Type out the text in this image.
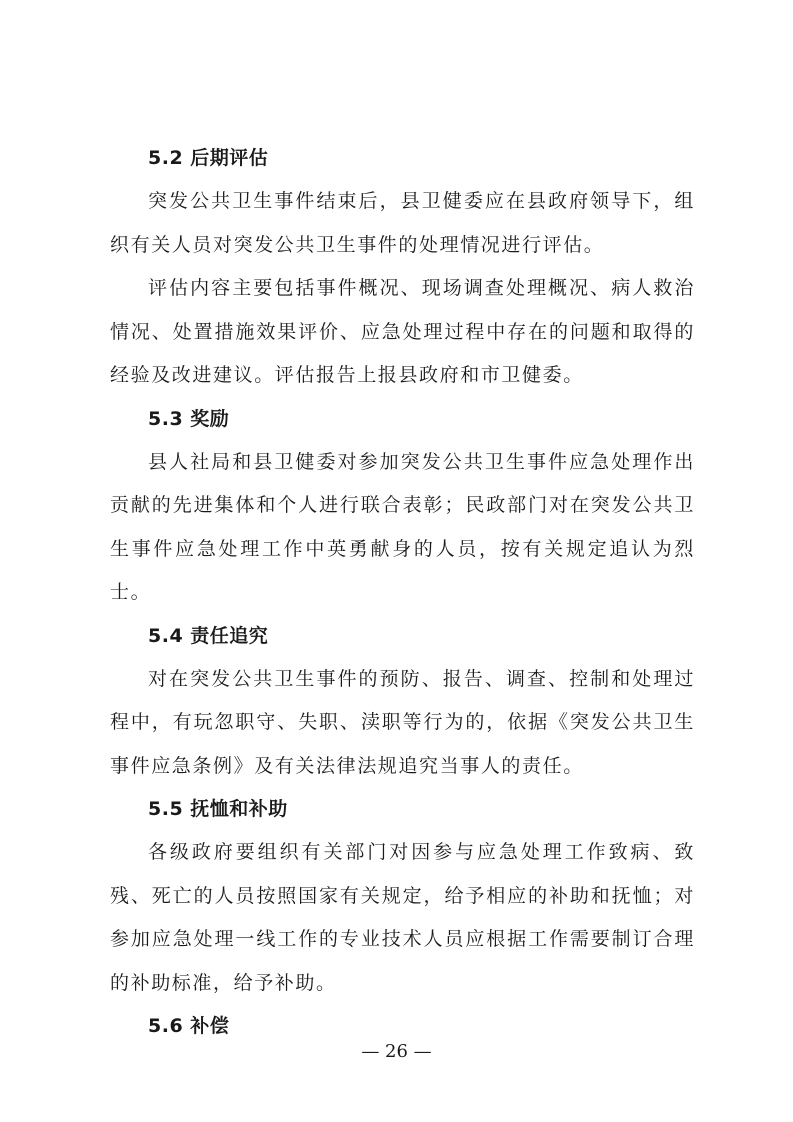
5.2 后期评估

突发公共卫生事件结束后，县卫健委应在县政府领导下，组织有关人员对突发公共卫生事件的处理情况进行评估。

评估内容主要包括事件概况、现场调查处理概况、病人救治情况、处置措施效果评价、应急处理过程中存在的问题和取得的经验及改进建议。评估报告上报县政府和市卫健委。

5.3 奖励

县人社局和县卫健委对参加突发公共卫生事件应急处理作出贡献的先进集体和个人进行联合表彰；民政部门对在突发公共卫生事件应急处理工作中英勇献身的人员，按有关规定追认为烈士。

5.4 责任追究

对在突发公共卫生事件的预防、报告、调查、控制和处理过程中，有玩忽职守、失职、渎职等行为的，依据《突发公共卫生事件应急条例》及有关法律法规追究当事人的责任。

5.5 抚恤和补助

各级政府要组织有关部门对因参与应急处理工作致病、致残、死亡的人员按照国家有关规定，给予相应的补助和抚恤；对参加应急处理一线工作的专业技术人员应根据工作需要制订合理的补助标准，给予补助。

5.6 补偿
— 26 —
